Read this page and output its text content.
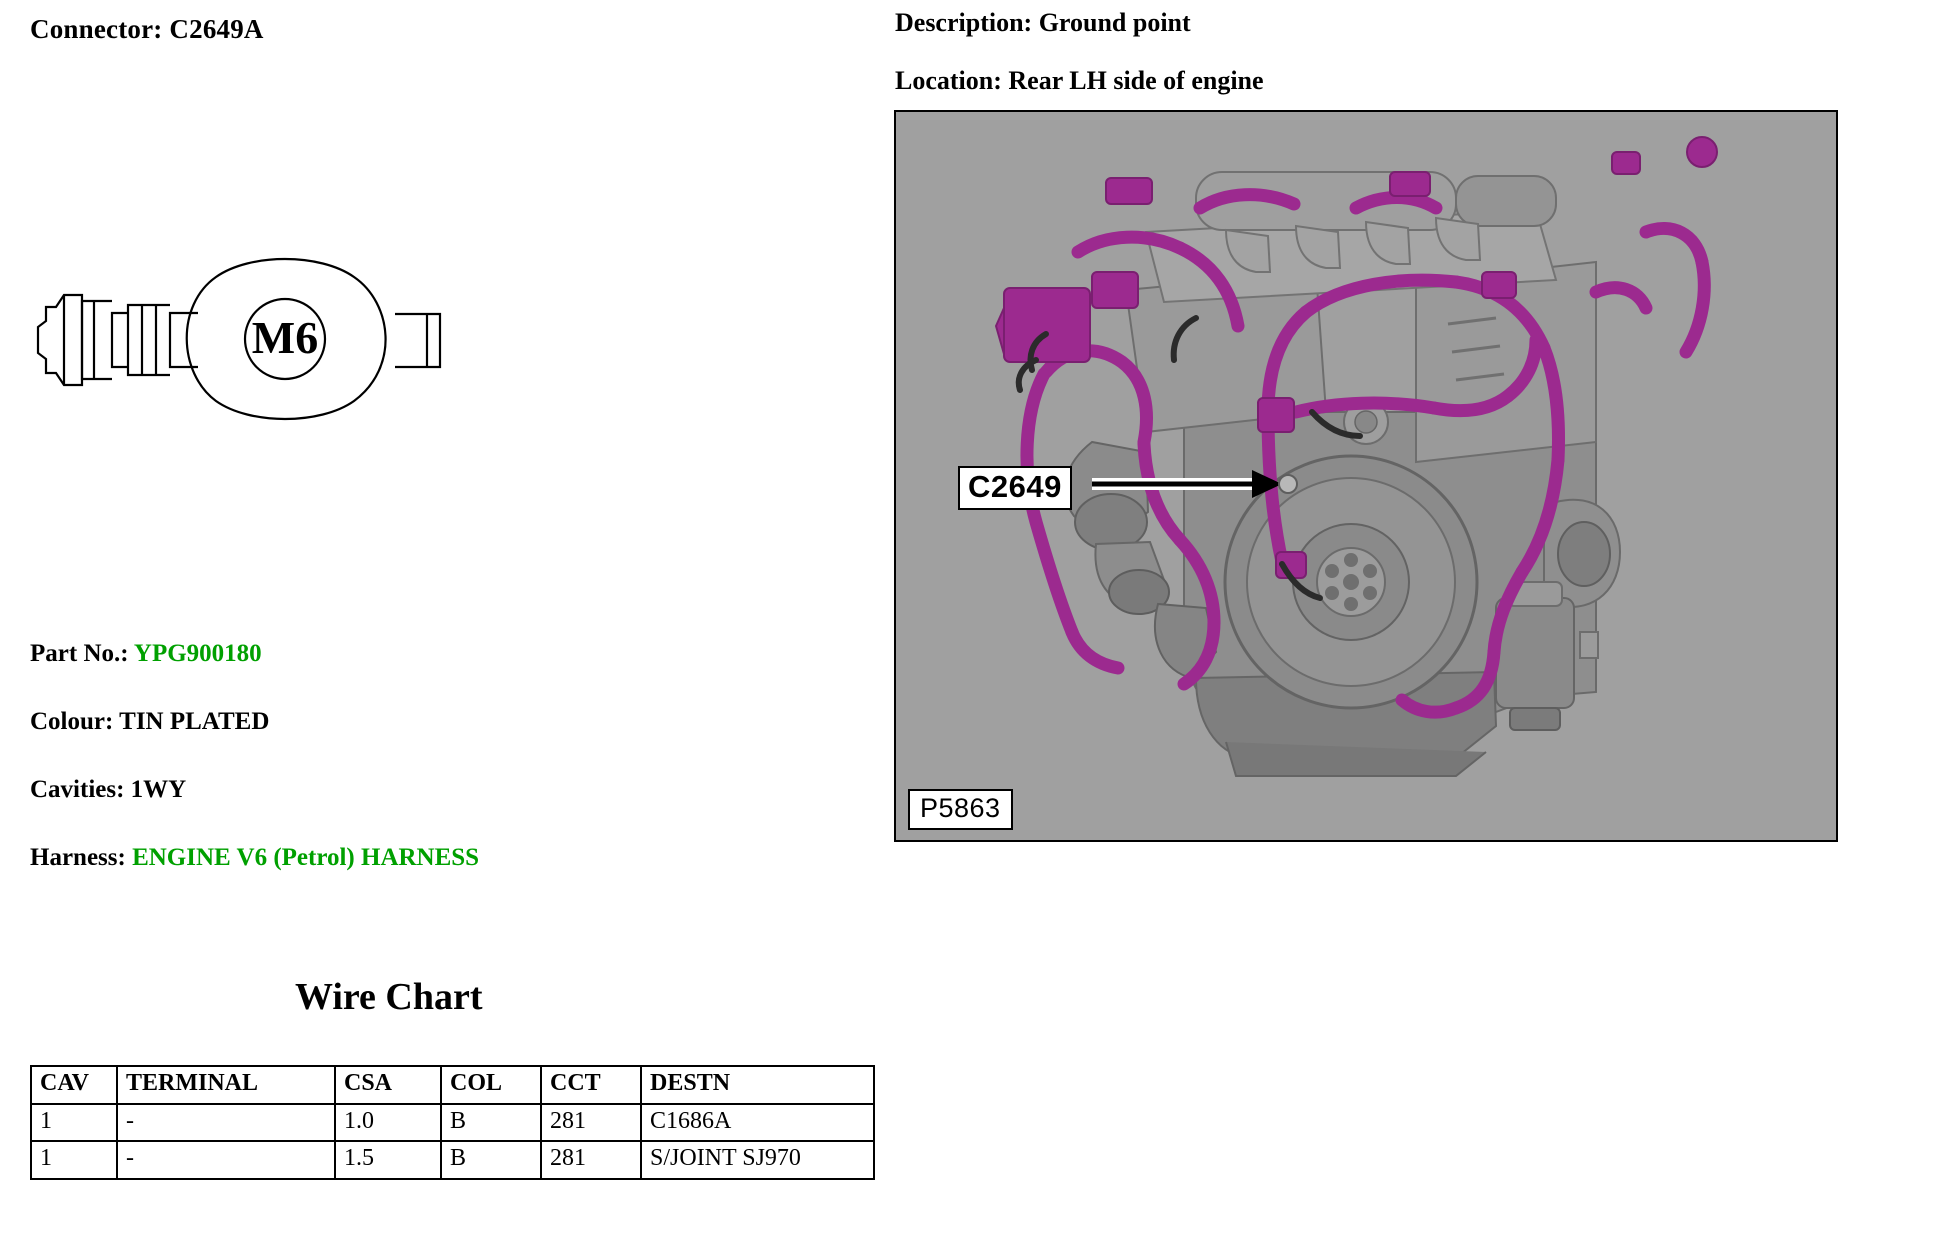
Connector: C2649A
M6
Part No.: YPG900180
Colour: TIN PLATED
Cavities: 1WY
Harness: ENGINE V6 (Petrol) HARNESS
Wire Chart
CAV	TERMINAL	CSA	COL	CCT	DESTN
1	-	1.0	B	281	C1686A
1	-	1.5	B	281	S/JOINT SJ970
Description: Ground point
Location: Rear LH side of engine
C2649
P5863
